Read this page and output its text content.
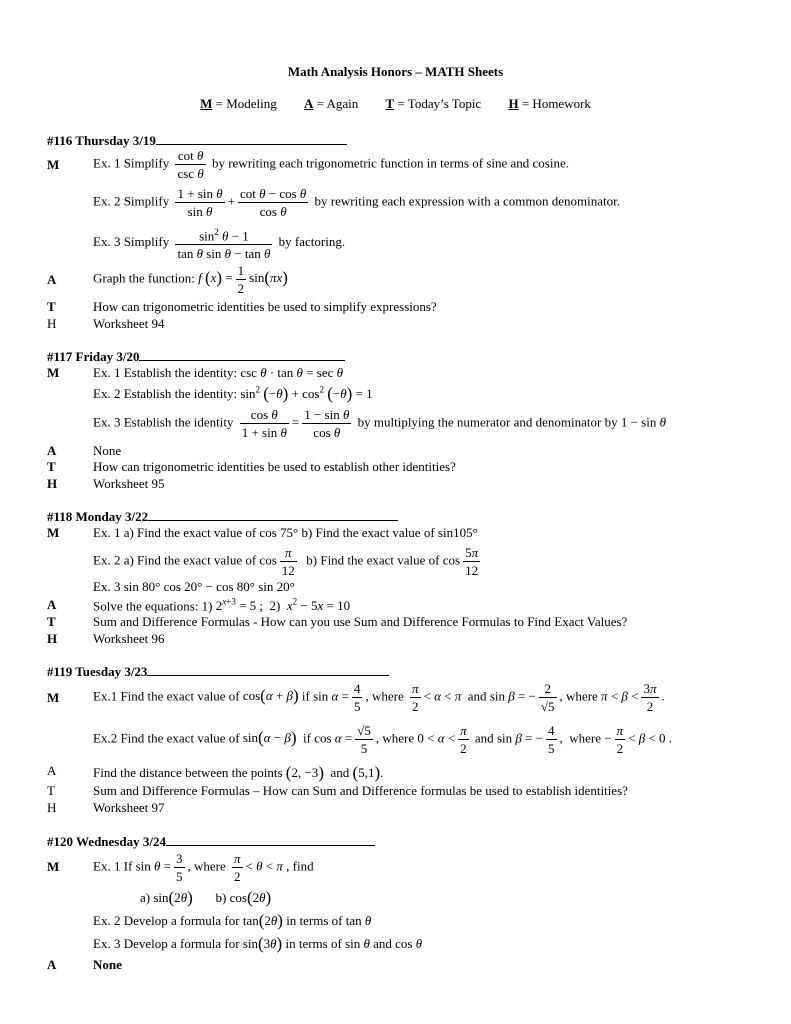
Math Analysis Honors – MATH Sheets
M = Modeling A = Again T = Today’s Topic H = Homework
#116 Thursday 3/19
M	Ex. 1 Simplify $\frac{\text{cot θ}}{\text{csc θ}}$ by rewriting each trigonometric function in terms of sine and cosine.
Ex. 2 Simplify $\frac{\text{1 + sin θ}}{\text{sin θ}} + \frac{\text{cot θ − cos θ}}{\text{cos θ}}$ by rewriting each expression with a common denominator.
Ex. 3 Simplify $\frac{\sin^2 \theta - 1}{\text{tan θ sin θ − tan θ}}$ by factoring.
A	Graph the function: f $(x) = \frac{1}{2} \sin(\pi x)$
T	How can trigonometric identities be used to simplify expressions?
H	Worksheet 94
#117 Friday 3/20
M	Ex. 1 Establish the identity: csc θ · tan θ = sec θ
Ex. 2 Establish the identity: $\sin^2 (-\theta) + \cos^2 (-\theta) = 1$
Ex. 3 Establish the identity $\frac{\text{cos θ}}{\text{1 + sin θ}} = \frac{\text{1 − sin θ}}{\text{cos θ}}$ by multiplying the numerator and denominator by 1 − sin θ
A	None
T	How can trigonometric identities be used to establish other identities?
H	Worksheet 95
#118 Monday 3/22
M	Ex. 1 a) Find the exact value of cos 75° b) Find the exact value of sin105°
Ex. 2 a) Find the exact value of $\cos \frac{\pi}{12} b$) Find the exact value of $\cos \frac{5\pi}{12}$
Ex. 3 sin 80° cos 20° − cos 80° sin 20°
A	Solve the equations: 1) $2^{x+3} = 5$ ;  2)  $x^2 - 5x = 10$
T	Sum and Difference Formulas - How can you use Sum and Difference Formulas to Find Exact Values?
H	Worksheet 96
#119 Tuesday 3/23
M	Ex.1 Find the exact value of cos(α + β) if $\sin \alpha = \frac{4}{5}$ , where $\frac{\pi}{2} < \alpha < \pi$ and sin β = − $\frac{2}{√5}$ , where $\pi < \beta < \frac{3\pi}{2}$ .
Ex.2 Find the exact value of sin(α − β) if $\cos \alpha = \frac{√5}{5}$ , where $0 < \alpha < \frac{\pi}{2}$ and sin β = − $\frac{4}{5}$ ,  where − $\frac{\pi}{2} < \beta < 0$ .
A	Find the distance between the points (2, −3)  and (5,1).
T	Sum and Difference Formulas – How can Sum and Difference formulas be used to establish identities?
H	Worksheet 97
#120 Wednesday 3/24
M	Ex. 1 If $\sin \theta = \frac{3}{5}$ , where $\frac{\pi}{2} < \theta < \pi$ , find
a) sin(2θ) b) cos(2θ)
Ex. 2 Develop a formula for tan(2θ) in terms of tan θ
Ex. 3 Develop a formula for sin(3θ) in terms of sin θ and cos θ
A	None
